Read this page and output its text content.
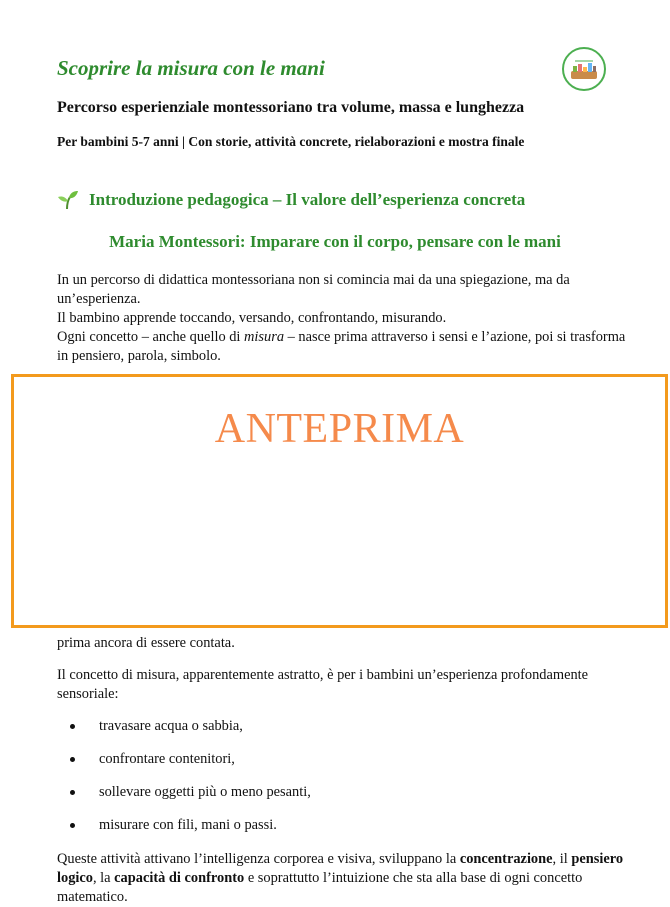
Scoprire la misura con le mani
Percorso esperienziale montessoriano tra volume, massa e lunghezza
Per bambini 5-7 anni | Con storie, attività concrete, rielaborazioni e mostra finale
Introduzione pedagogica – Il valore dell’esperienza concreta
Maria Montessori: Imparare con il corpo, pensare con le mani
In un percorso di didattica montessoriana non si comincia mai da una spiegazione, ma da un’esperienza.
Il bambino apprende toccando, versando, confrontando, misurando.
Ogni concetto – anche quello di misura – nasce prima attraverso i sensi e l’azione, poi si trasforma in pensiero, parola, simbolo.
prima ancora di essere contata.
ANTEPRIMA
Il concetto di misura, apparentemente astratto, è per i bambini un’esperienza profondamente sensoriale:
travasare acqua o sabbia,
confrontare contenitori,
sollevare oggetti più o meno pesanti,
misurare con fili, mani o passi.
Queste attività attivano l’intelligenza corporea e visiva, sviluppano la concentrazione, il pensiero logico, la capacità di confronto e soprattutto l’intuizione che sta alla base di ogni concetto matematico.
